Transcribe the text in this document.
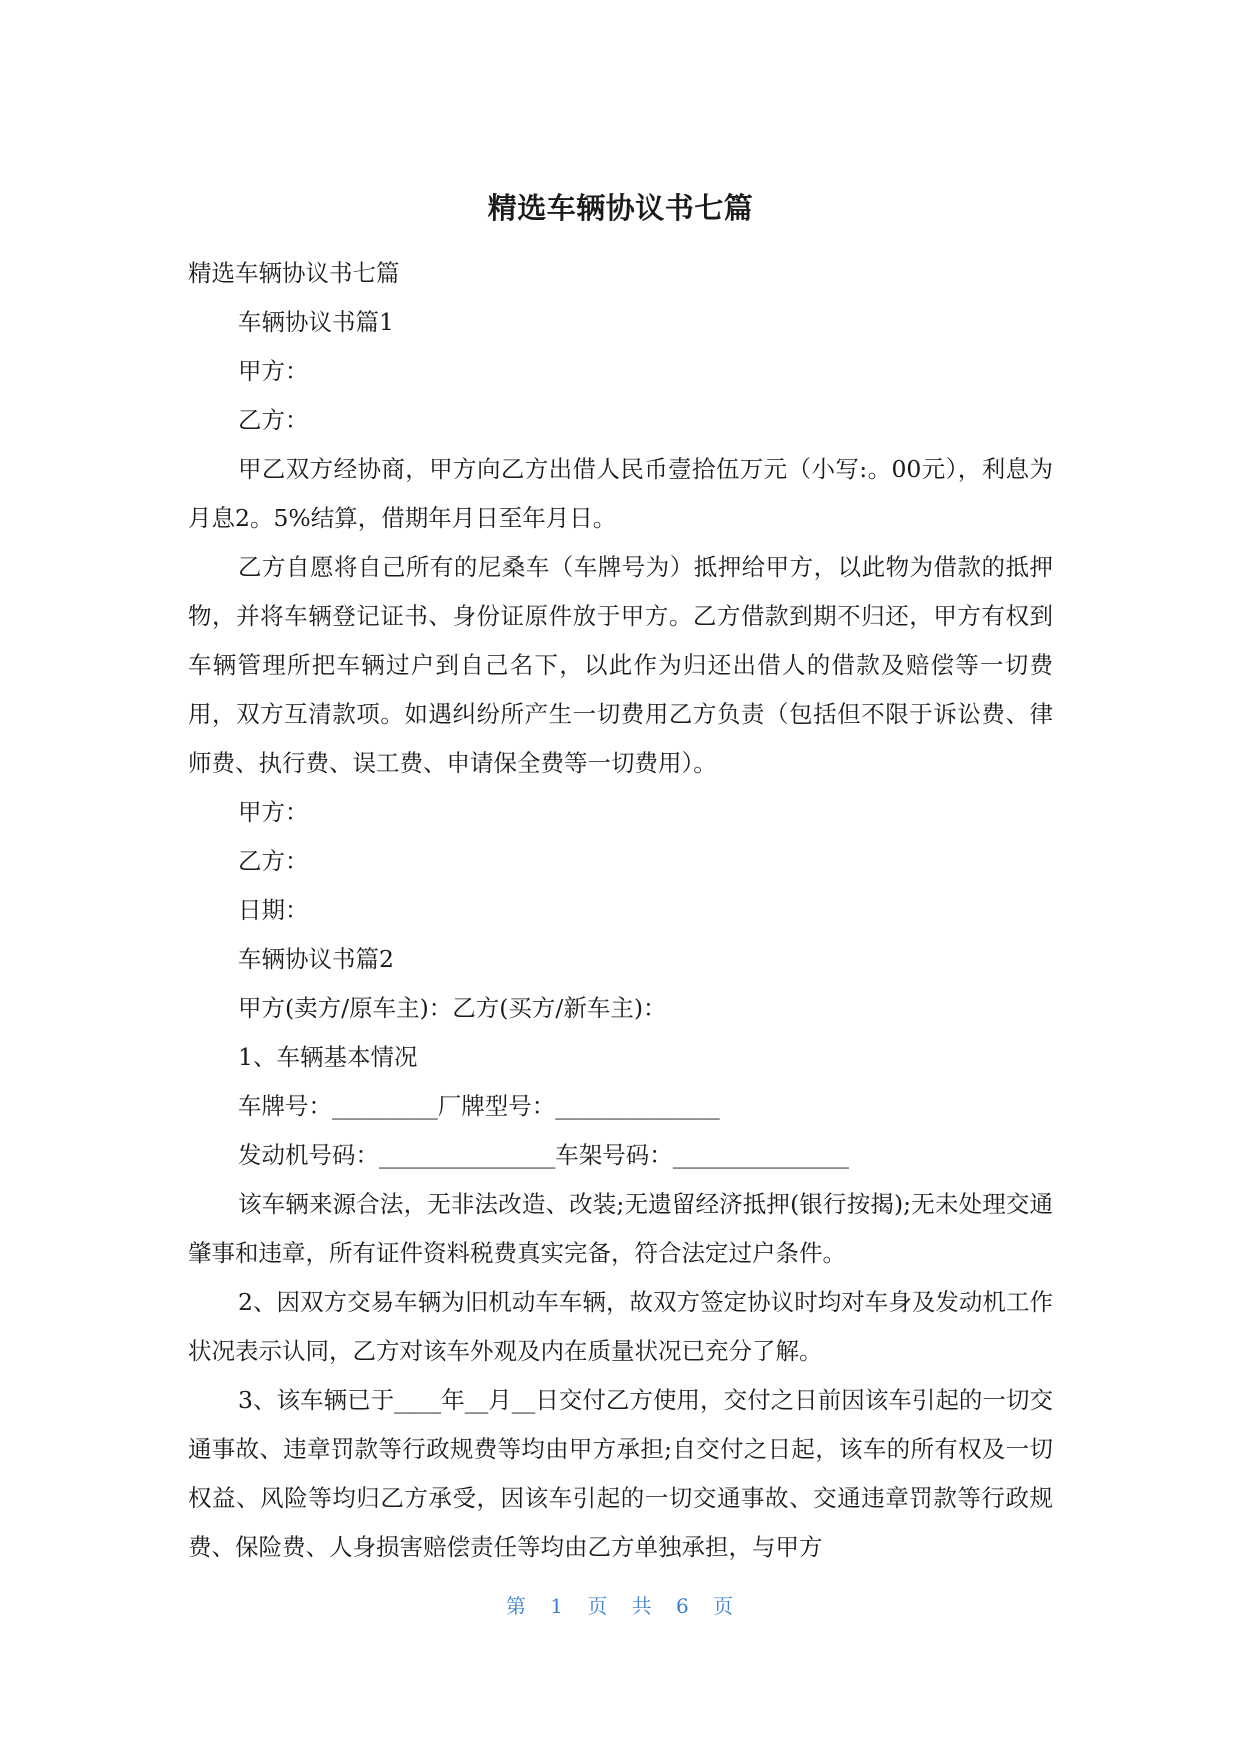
精选车辆协议书七篇

精选车辆协议书七篇

车辆协议书篇1

甲方：

乙方：

甲乙双方经协商，甲方向乙方出借人民币壹拾伍万元（小写:。00元），利息为月息2。5%结算，借期年月日至年月日。

乙方自愿将自己所有的尼桑车（车牌号为）抵押给甲方，以此物为借款的抵押物，并将车辆登记证书、身份证原件放于甲方。乙方借款到期不归还，甲方有权到车辆管理所把车辆过户到自己名下，以此作为归还出借人的借款及赔偿等一切费用，双方互清款项。如遇纠纷所产生一切费用乙方负责（包括但不限于诉讼费、律师费、执行费、误工费、申请保全费等一切费用）。

甲方：

乙方：

日期：

车辆协议书篇2

甲方(卖方/原车主)：乙方(买方/新车主)：

1、车辆基本情况

车牌号：_________厂牌型号：______________

发动机号码：_______________车架号码：_______________

该车辆来源合法，无非法改造、改装;无遗留经济抵押(银行按揭);无未处理交通肇事和违章，所有证件资料税费真实完备，符合法定过户条件。

2、因双方交易车辆为旧机动车车辆，故双方签定协议时均对车身及发动机工作状况表示认同，乙方对该车外观及内在质量状况已充分了解。

3、该车辆已于____年__月__日交付乙方使用，交付之日前因该车引起的一切交通事故、违章罚款等行政规费等均由甲方承担;自交付之日起，该车的所有权及一切权益、风险等均归乙方承受，因该车引起的一切交通事故、交通违章罚款等行政规费、保险费、人身损害赔偿责任等均由乙方单独承担，与甲方

第 1 页 共 6 页
